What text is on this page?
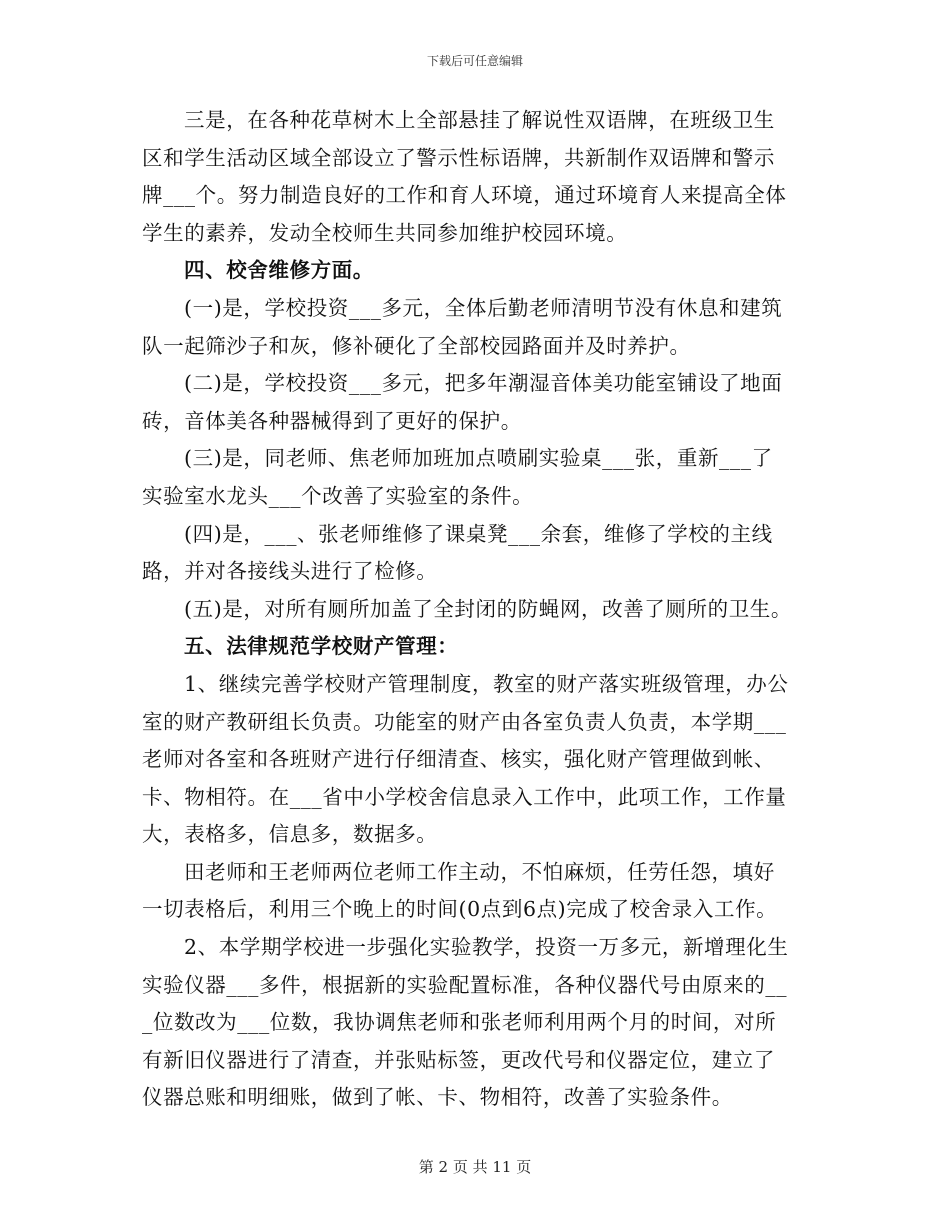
下载后可任意编辑
三是，在各种花草树木上全部悬挂了解说性双语牌，在班级卫生
区和学生活动区域全部设立了警示性标语牌，共新制作双语牌和警示
牌___个。努力制造良好的工作和育人环境，通过环境育人来提高全体
学生的素养，发动全校师生共同参加维护校园环境。
四、校舍维修方面。
(一)是，学校投资___多元，全体后勤老师清明节没有休息和建筑
队一起筛沙子和灰，修补硬化了全部校园路面并及时养护。
(二)是，学校投资___多元，把多年潮湿音体美功能室铺设了地面
砖，音体美各种器械得到了更好的保护。
(三)是，同老师、焦老师加班加点喷刷实验桌___张，重新___了
实验室水龙头___个改善了实验室的条件。
(四)是，___、张老师维修了课桌凳___余套，维修了学校的主线
路，并对各接线头进行了检修。
(五)是，对所有厕所加盖了全封闭的防蝇网，改善了厕所的卫生。
五、法律规范学校财产管理：
1、继续完善学校财产管理制度，教室的财产落实班级管理，办公
室的财产教研组长负责。功能室的财产由各室负责人负责，本学期___
老师对各室和各班财产进行仔细清查、核实，强化财产管理做到帐、
卡、物相符。在___省中小学校舍信息录入工作中，此项工作，工作量
大，表格多，信息多，数据多。
田老师和王老师两位老师工作主动，不怕麻烦，任劳任怨，填好
一切表格后，利用三个晚上的时间(0点到6点)完成了校舍录入工作。
2、本学期学校进一步强化实验教学，投资一万多元，新增理化生
实验仪器___多件，根据新的实验配置标准，各种仪器代号由原来的__
_位数改为___位数，我协调焦老师和张老师利用两个月的时间，对所
有新旧仪器进行了清查，并张贴标签，更改代号和仪器定位，建立了
仪器总账和明细账，做到了帐、卡、物相符，改善了实验条件。
第 2 页 共 11 页
